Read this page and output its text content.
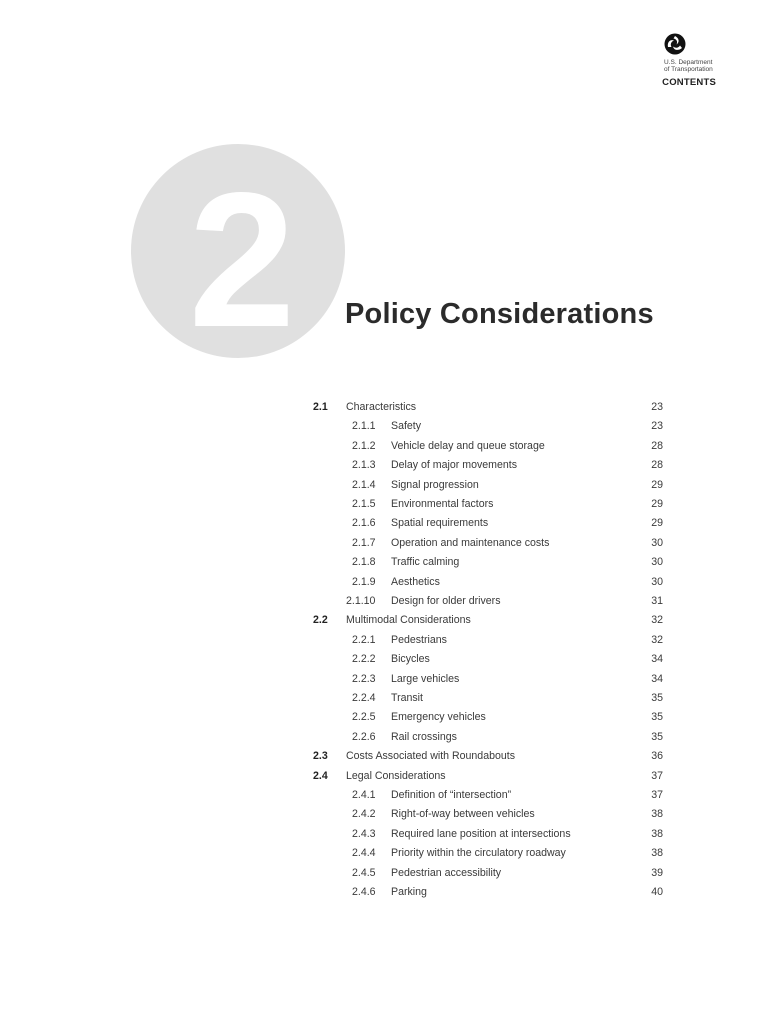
U.S. Department
of Transportation
CONTENTS
2 Policy Considerations
2.1 Characteristics	23
2.1.1 Safety	23
2.1.2 Vehicle delay and queue storage	28
2.1.3 Delay of major movements	28
2.1.4 Signal progression	29
2.1.5 Environmental factors	29
2.1.6 Spatial requirements	29
2.1.7 Operation and maintenance costs	30
2.1.8 Traffic calming	30
2.1.9 Aesthetics	30
2.1.10 Design for older drivers	31
2.2 Multimodal Considerations	32
2.2.1 Pedestrians	32
2.2.2 Bicycles	34
2.2.3 Large vehicles	34
2.2.4 Transit	35
2.2.5 Emergency vehicles	35
2.2.6 Rail crossings	35
2.3 Costs Associated with Roundabouts	36
2.4 Legal Considerations	37
2.4.1 Definition of “intersection”	37
2.4.2 Right-of-way between vehicles	38
2.4.3 Required lane position at intersections	38
2.4.4 Priority within the circulatory roadway	38
2.4.5 Pedestrian accessibility	39
2.4.6 Parking	40
